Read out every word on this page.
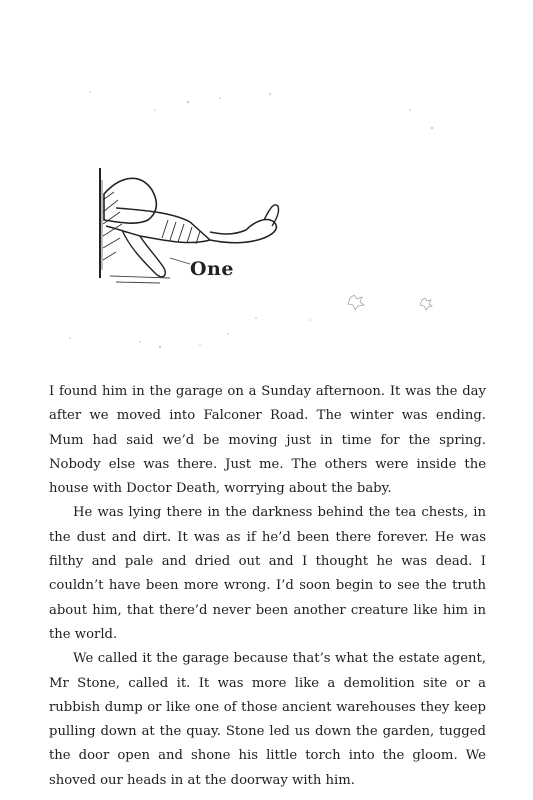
One

I found him in the garage on a Sunday afternoon. It was the day after we moved into Falconer Road. The winter was ending. Mum had said we’d be moving just in time for the spring. Nobody else was there. Just me. The others were inside the house with Doctor Death, worrying about the baby.

He was lying there in the darkness behind the tea chests, in the dust and dirt. It was as if he’d been there forever. He was filthy and pale and dried out and I thought he was dead. I couldn’t have been more wrong. I’d soon begin to see the truth about him, that there’d never been another creature like him in the world.

We called it the garage because that’s what the estate agent, Mr Stone, called it. It was more like a demolition site or a rubbish dump or like one of those ancient warehouses they keep pulling down at the quay. Stone led us down the garden, tugged the door open and shone his little torch into the gloom. We shoved our heads in at the doorway with him.
